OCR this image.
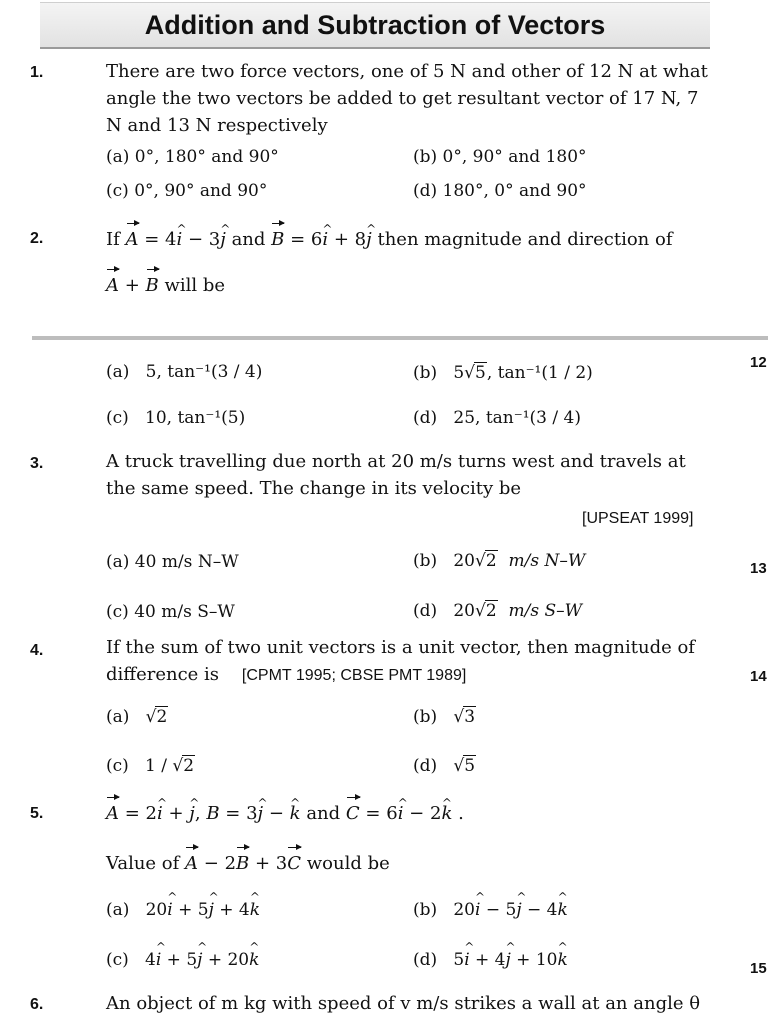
Addition and Subtraction of Vectors
1.	There are two force vectors, one of 5 N and other of 12 N at what angle the two vectors be added to get resultant vector of 17 N, 7 N and 13 N respectively
(a) 0°, 180° and 90°	(b) 0°, 90° and 180°
(c) 0°, 90° and 90°	(d) 180°, 0° and 90°
2.	If A = 4i ^ − 3j ^ and B = 6i ^ + 8j ^ then magnitude and direction of
A + B will be
(a) 5, tan⁻¹(3 / 4)	(b)   5√5, tan⁻¹(1 / 2)
(c) 10, tan⁻¹(5)	(d) 25, tan⁻¹(3 / 4)
3.	A truck travelling due north at 20 m/s turns west and travels at the same speed. The change in its velocity be
[UPSEAT 1999]
(a) 40 m/s N–W	(b)   20√2 m/s N–W
(c) 40 m/s S–W	(d)   20√2 m/s S–W
4.	If the sum of two unit vectors is a unit vector, then magnitude of difference is [CPMT 1995; CBSE PMT 1989]
(a)   √2	(b)   √3
(c)   1 / √2	(d)   √5
5.	A = 2i ^ + j ^, B = 3j ^ − k ^ and C = 6i ^ − 2k ^ .
Value of A − 2B + 3C would be
(a)   20i ^ + 5j ^ + 4k ^	(b)   20i ^ − 5j ^ − 4k ^
(c)   4i ^ + 5j ^ + 20k ^	(d)   5i ^ + 4j ^ + 10k ^
6.	An object of m kg with speed of v m/s strikes a wall at an angle θ
12
13
14
15
